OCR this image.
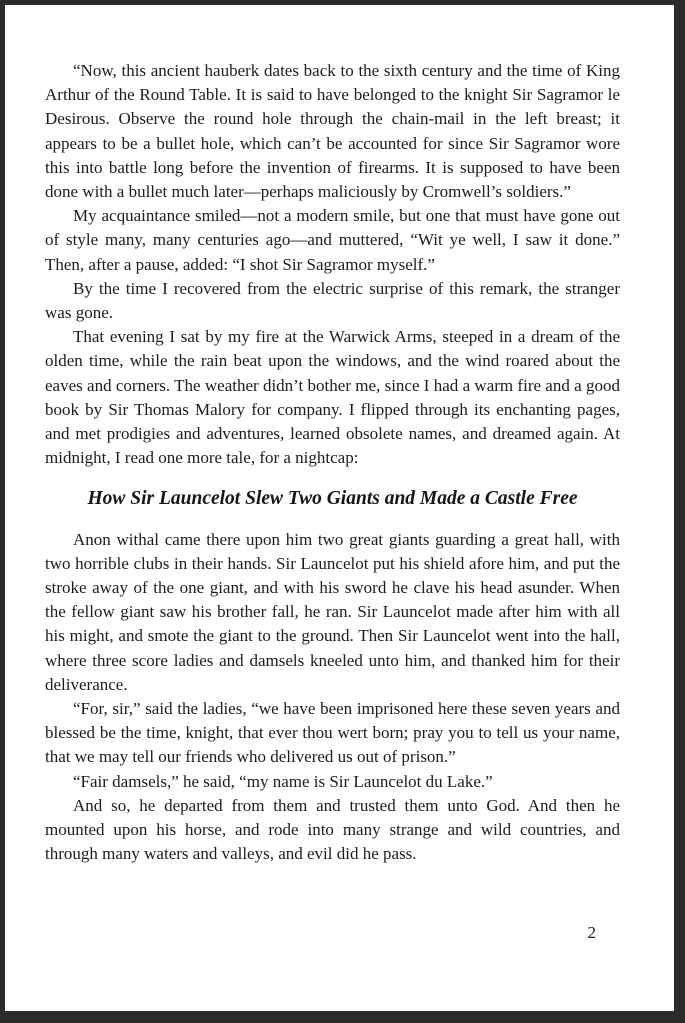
“Now, this ancient hauberk dates back to the sixth century and the time of King Arthur of the Round Table. It is said to have belonged to the knight Sir Sagramor le Desirous. Observe the round hole through the chain-mail in the left breast; it appears to be a bullet hole, which can’t be accounted for since Sir Sagramor wore this into battle long before the invention of firearms. It is supposed to have been done with a bullet much later—perhaps maliciously by Cromwell’s soldiers.”

My acquaintance smiled—not a modern smile, but one that must have gone out of style many, many centuries ago—and muttered, “Wit ye well, I saw it done.” Then, after a pause, added: “I shot Sir Sagramor myself.”

By the time I recovered from the electric surprise of this remark, the stranger was gone.

That evening I sat by my fire at the Warwick Arms, steeped in a dream of the olden time, while the rain beat upon the windows, and the wind roared about the eaves and corners. The weather didn’t bother me, since I had a warm fire and a good book by Sir Thomas Malory for company. I flipped through its enchanting pages, and met prodigies and adventures, learned obsolete names, and dreamed again. At midnight, I read one more tale, for a nightcap:

How Sir Launcelot Slew Two Giants and Made a Castle Free

Anon withal came there upon him two great giants guarding a great hall, with two horrible clubs in their hands. Sir Launcelot put his shield afore him, and put the stroke away of the one giant, and with his sword he clave his head asunder. When the fellow giant saw his brother fall, he ran. Sir Launcelot made after him with all his might, and smote the giant to the ground. Then Sir Launcelot went into the hall, where three score ladies and damsels kneeled unto him, and thanked him for their deliverance.

“For, sir,” said the ladies, “we have been imprisoned here these seven years and blessed be the time, knight, that ever thou wert born; pray you to tell us your name, that we may tell our friends who delivered us out of prison.”

“Fair damsels,” he said, “my name is Sir Launcelot du Lake.”

And so, he departed from them and trusted them unto God. And then he mounted upon his horse, and rode into many strange and wild countries, and through many waters and valleys, and evil did he pass.

2
